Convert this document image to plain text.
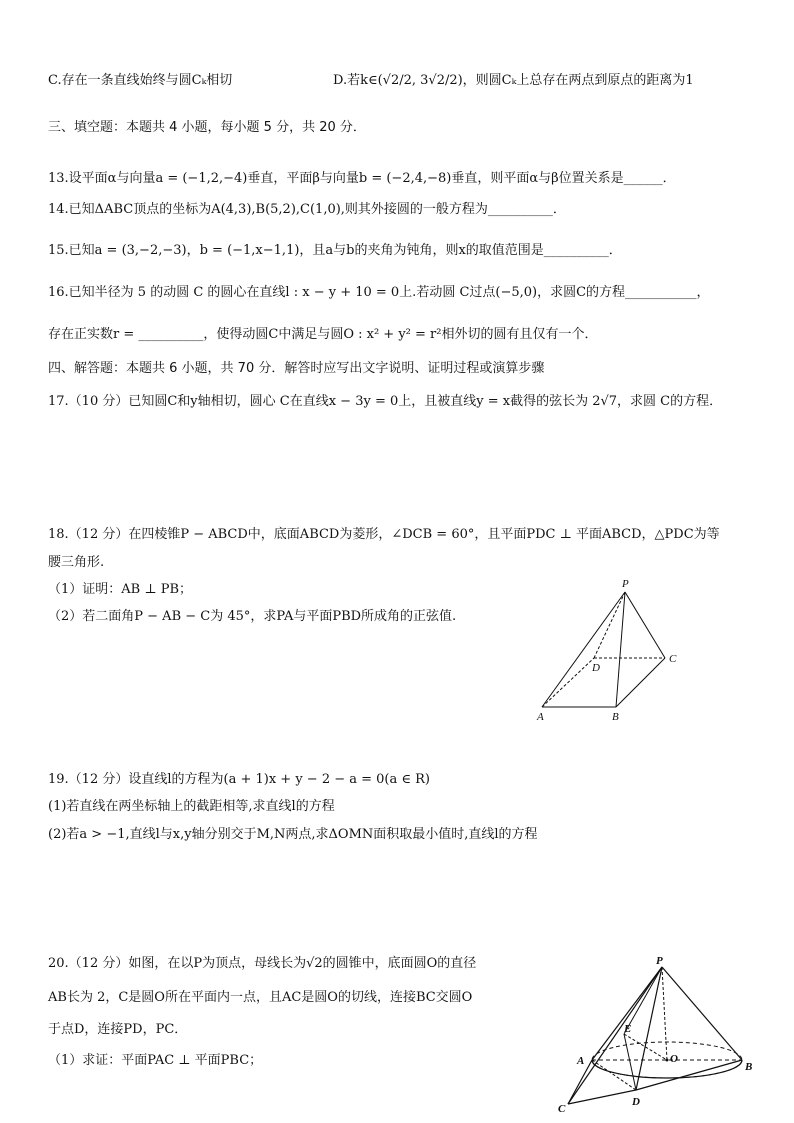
C.存在一条直线始终与圆Cₖ相切	D.若k∈(√2/2, 3√2/2)，则圆Cₖ上总存在两点到原点的距离为1
三、填空题：本题共 4 小题，每小题 5 分，共 20 分．
13.设平面α与向量a = (−1,2,−4)垂直，平面β与向量b = (−2,4,−8)垂直，则平面α与β位置关系是______．
14.已知ΔABC顶点的坐标为A(4,3),B(5,2),C(1,0),则其外接圆的一般方程为__________．
15.已知a = (3,−2,−3)，b = (−1,x−1,1)，且a与b的夹角为钝角，则x的取值范围是__________．
16.已知半径为 5 的动圆 C 的圆心在直线l : x − y + 10 = 0上.若动圆 C过点(−5,0)，求圆C的方程___________，
存在正实数r = __________，使得动圆C中满足与圆O : x² + y² = r²相外切的圆有且仅有一个．
四、解答题：本题共 6 小题，共 70 分．解答时应写出文字说明、证明过程或演算步骤
17.（10 分）已知圆C和y轴相切，圆心 C在直线x − 3y = 0上，且被直线y = x截得的弦长为 2√7，求圆 C的方程．
18.（12 分）在四棱锥P − ABCD中，底面ABCD为菱形，∠DCB = 60°，且平面PDC ⊥ 平面ABCD，△PDC为等
腰三角形.
（1）证明：AB ⊥ PB；
（2）若二面角P − AB − C为 45°，求PA与平面PBD所成角的正弦值.
P
D
C
A	B
19.（12 分）设直线l的方程为(a + 1)x + y − 2 − a = 0(a ∈ R)
(1)若直线在两坐标轴上的截距相等,求直线l的方程
(2)若a > −1,直线l与x,y轴分别交于M,N两点,求ΔOMN面积取最小值时,直线l的方程
20.（12 分）如图，在以P为顶点，母线长为√2的圆锥中，底面圆O的直径
AB长为 2，C是圆O所在平面内一点，且AC是圆O的切线，连接BC交圆O
于点D，连接PD，PC．
（1）求证：平面PAC ⊥ 平面PBC；
P
E
A	O
B
D
C
